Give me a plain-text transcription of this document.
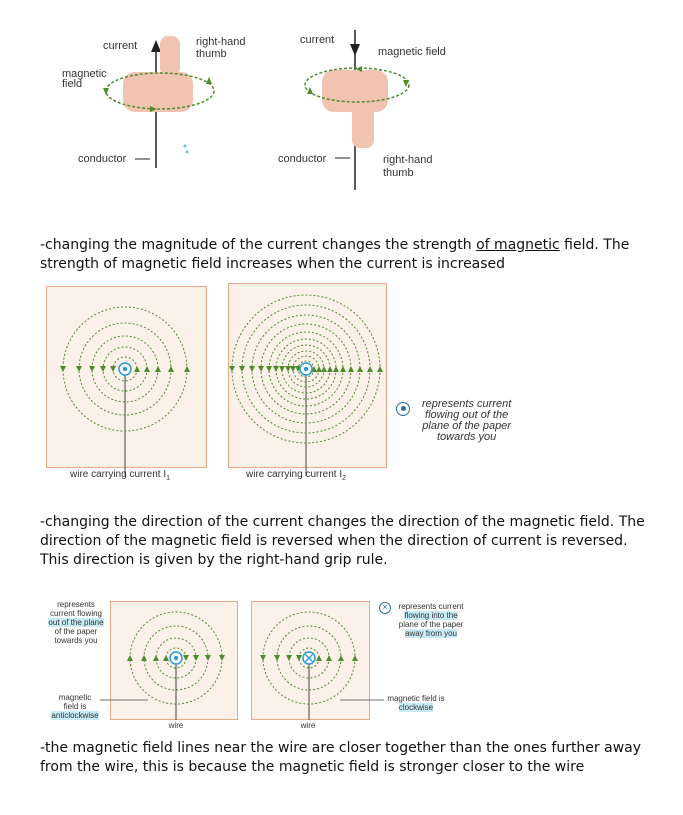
current	right-hand
thumb
magnetic
field
conductor
current
magnetic field
conductor	right-hand
thumb

-changing the magnitude of the current changes the strength of magnetic field. The strength of magnetic field increases when the current is increased

wire carrying current $I_1$	wire carrying current $I_2$
represents current
flowing out of the
plane of the paper
towards you

-changing the direction of the current changes the direction of the magnetic field. The direction of the magnetic field is reversed when the direction of current is reversed. This direction is given by the right-hand grip rule.

represents
current flowing
out of the plane
of the paper
towards you
magnetic
field is
anticlockwise
wire	wire
×	represents current
flowing into the
plane of the paper
away from you
magnetic field is
clockwise

-the magnetic field lines near the wire are closer together than the ones further away from the wire, this is because the magnetic field is stronger closer to the wire
